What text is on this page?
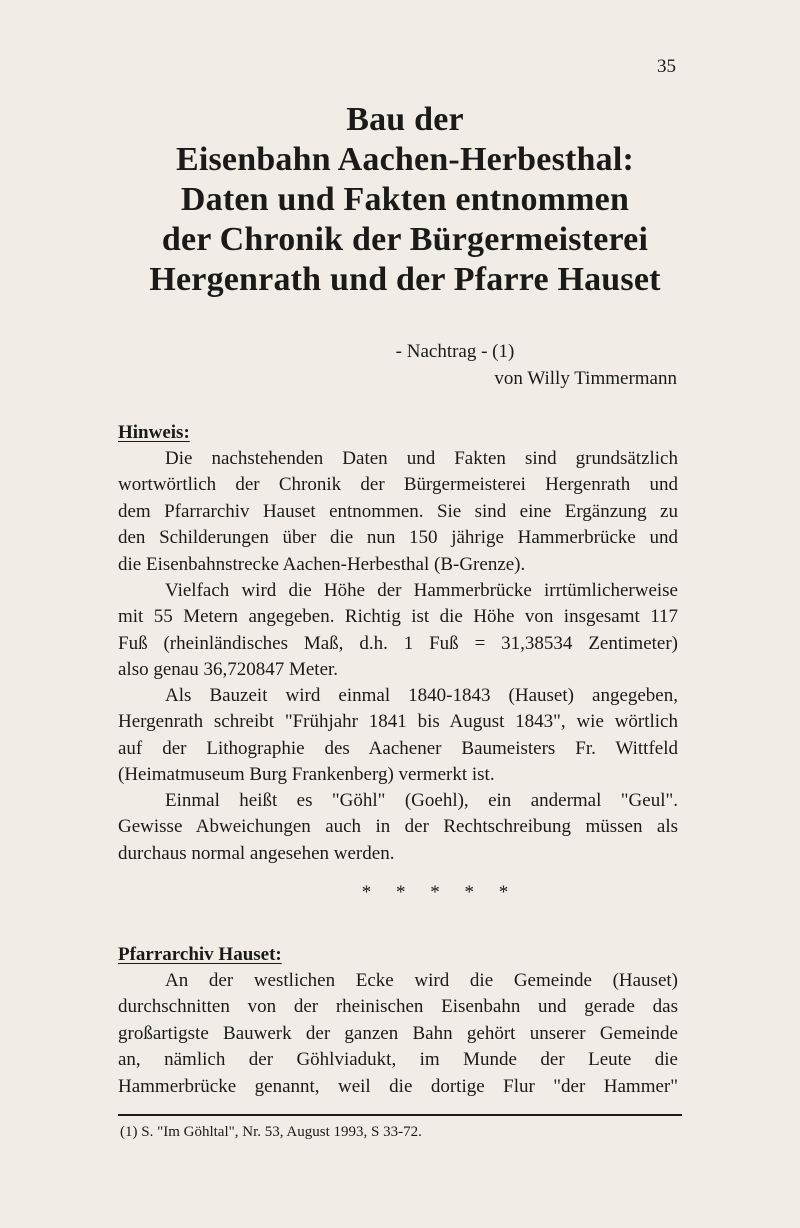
35
Bau der
Eisenbahn Aachen-Herbesthal:
Daten und Fakten entnommen
der Chronik der Bürgermeisterei
Hergenrath und der Pfarre Hauset
- Nachtrag - (1)
von Willy Timmermann
Hinweis:
Die nachstehenden Daten und Fakten sind grundsätzlich
wortwörtlich der Chronik der Bürgermeisterei Hergenrath und
dem Pfarrarchiv Hauset entnommen. Sie sind eine Ergänzung zu
den Schilderungen über die nun 150 jährige Hammerbrücke und
die Eisenbahnstrecke Aachen-Herbesthal (B-Grenze).
Vielfach wird die Höhe der Hammerbrücke irrtümlicherweise
mit 55 Metern angegeben. Richtig ist die Höhe von insgesamt 117
Fuß (rheinländisches Maß, d.h. 1 Fuß = 31,38534 Zentimeter)
also genau 36,720847 Meter.
Als Bauzeit wird einmal 1840-1843 (Hauset) angegeben,
Hergenrath schreibt "Frühjahr 1841 bis August 1843", wie wörtlich
auf der Lithographie des Aachener Baumeisters Fr. Wittfeld
(Heimatmuseum Burg Frankenberg) vermerkt ist.
Einmal heißt es "Göhl" (Goehl), ein andermal "Geul".
Gewisse Abweichungen auch in der Rechtschreibung müssen als
durchaus normal angesehen werden.
* * * * *
Pfarrarchiv Hauset:
An der westlichen Ecke wird die Gemeinde (Hauset)
durchschnitten von der rheinischen Eisenbahn und gerade das
großartigste Bauwerk der ganzen Bahn gehört unserer Gemeinde
an, nämlich der Göhlviadukt, im Munde der Leute die
Hammerbrücke genannt, weil die dortige Flur "der Hammer"
(1) S. "Im Göhltal", Nr. 53, August 1993, S 33-72.
